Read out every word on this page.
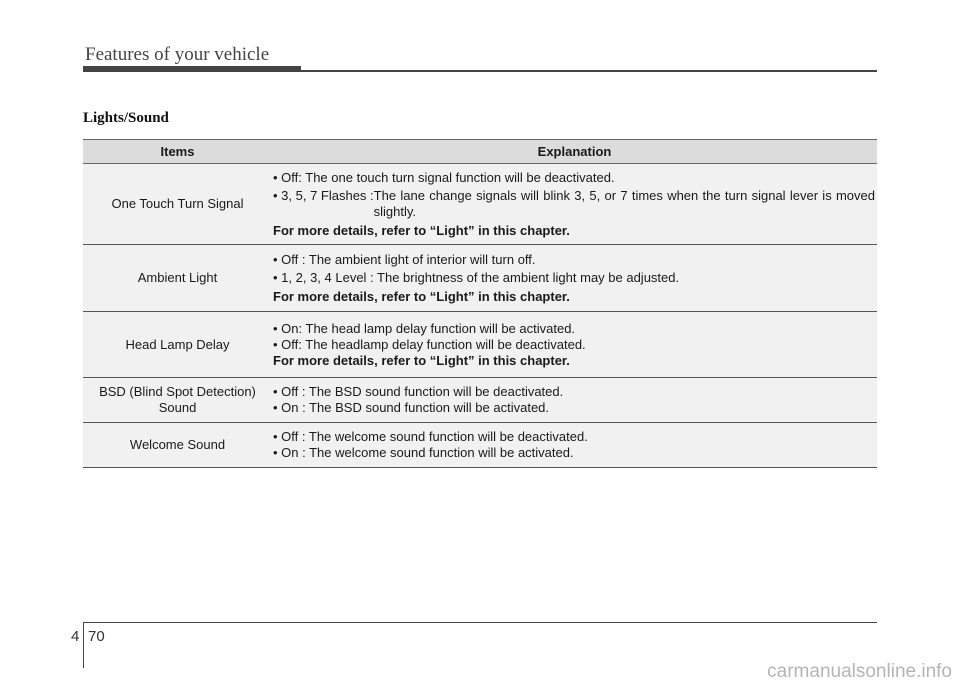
Features of your vehicle
Lights/Sound
Items	Explanation
One Touch Turn Signal
• Off: The one touch turn signal function will be deactivated.
• 3, 5, 7 Flashes : The lane change signals will blink 3, 5, or 7 times when the turn signal lever is moved slightly.
For more details, refer to “Light” in this chapter.
Ambient Light
• Off : The ambient light of interior will turn off.
• 1, 2, 3, 4 Level : The brightness of the ambient light may be adjusted.
For more details, refer to “Light” in this chapter.
Head Lamp Delay
• On: The head lamp delay function will be activated.
• Off: The headlamp delay function will be deactivated.
For more details, refer to “Light” in this chapter.
BSD (Blind Spot Detection) Sound
• Off : The BSD sound function will be deactivated.
• On : The BSD sound function will be activated.
Welcome Sound
• Off : The welcome sound function will be deactivated.
• On : The welcome sound function will be activated.
4 70
carmanualsonline.info
